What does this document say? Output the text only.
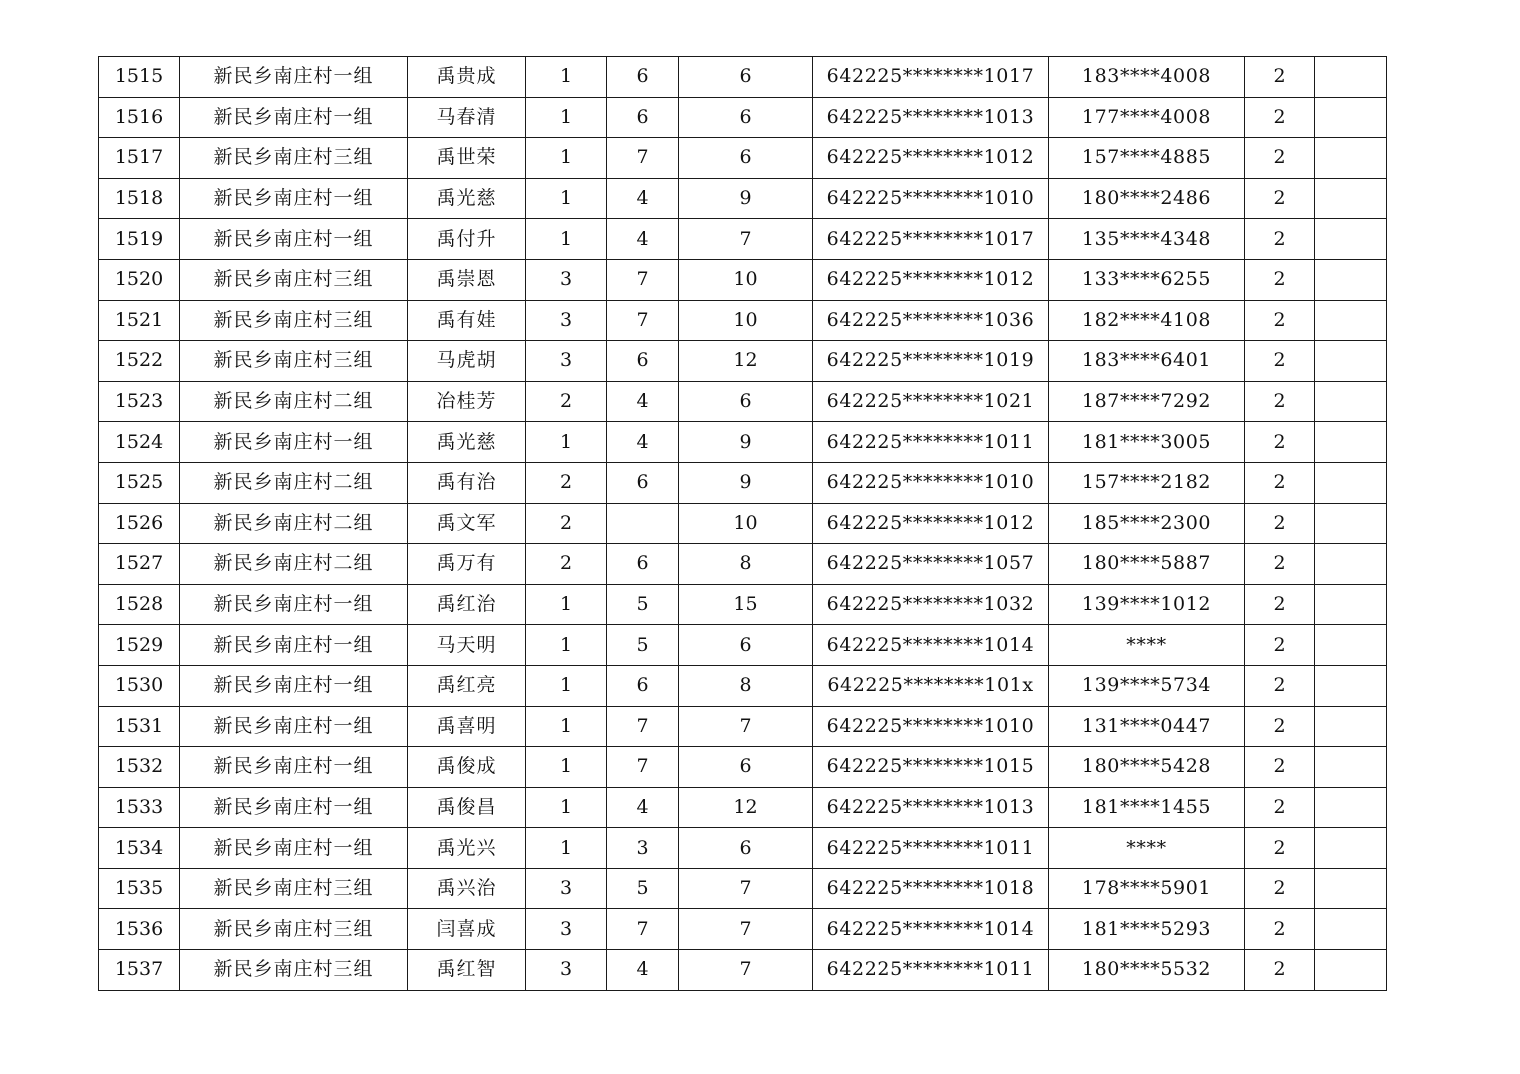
1515	新民乡南庄村一组	禹贵成	1	6	6	642225********1017	183****4008	2	
1516	新民乡南庄村一组	马春清	1	6	6	642225********1013	177****4008	2	
1517	新民乡南庄村三组	禹世荣	1	7	6	642225********1012	157****4885	2	
1518	新民乡南庄村一组	禹光慈	1	4	9	642225********1010	180****2486	2	
1519	新民乡南庄村一组	禹付升	1	4	7	642225********1017	135****4348	2	
1520	新民乡南庄村三组	禹崇恩	3	7	10	642225********1012	133****6255	2	
1521	新民乡南庄村三组	禹有娃	3	7	10	642225********1036	182****4108	2	
1522	新民乡南庄村三组	马虎胡	3	6	12	642225********1019	183****6401	2	
1523	新民乡南庄村二组	冶桂芳	2	4	6	642225********1021	187****7292	2	
1524	新民乡南庄村一组	禹光慈	1	4	9	642225********1011	181****3005	2	
1525	新民乡南庄村二组	禹有治	2	6	9	642225********1010	157****2182	2	
1526	新民乡南庄村二组	禹文军	2		10	642225********1012	185****2300	2	
1527	新民乡南庄村二组	禹万有	2	6	8	642225********1057	180****5887	2	
1528	新民乡南庄村一组	禹红治	1	5	15	642225********1032	139****1012	2	
1529	新民乡南庄村一组	马天明	1	5	6	642225********1014	****	2	
1530	新民乡南庄村一组	禹红亮	1	6	8	642225********101x	139****5734	2	
1531	新民乡南庄村一组	禹喜明	1	7	7	642225********1010	131****0447	2	
1532	新民乡南庄村一组	禹俊成	1	7	6	642225********1015	180****5428	2	
1533	新民乡南庄村一组	禹俊昌	1	4	12	642225********1013	181****1455	2	
1534	新民乡南庄村一组	禹光兴	1	3	6	642225********1011	****	2	
1535	新民乡南庄村三组	禹兴治	3	5	7	642225********1018	178****5901	2	
1536	新民乡南庄村三组	闫喜成	3	7	7	642225********1014	181****5293	2	
1537	新民乡南庄村三组	禹红智	3	4	7	642225********1011	180****5532	2	
